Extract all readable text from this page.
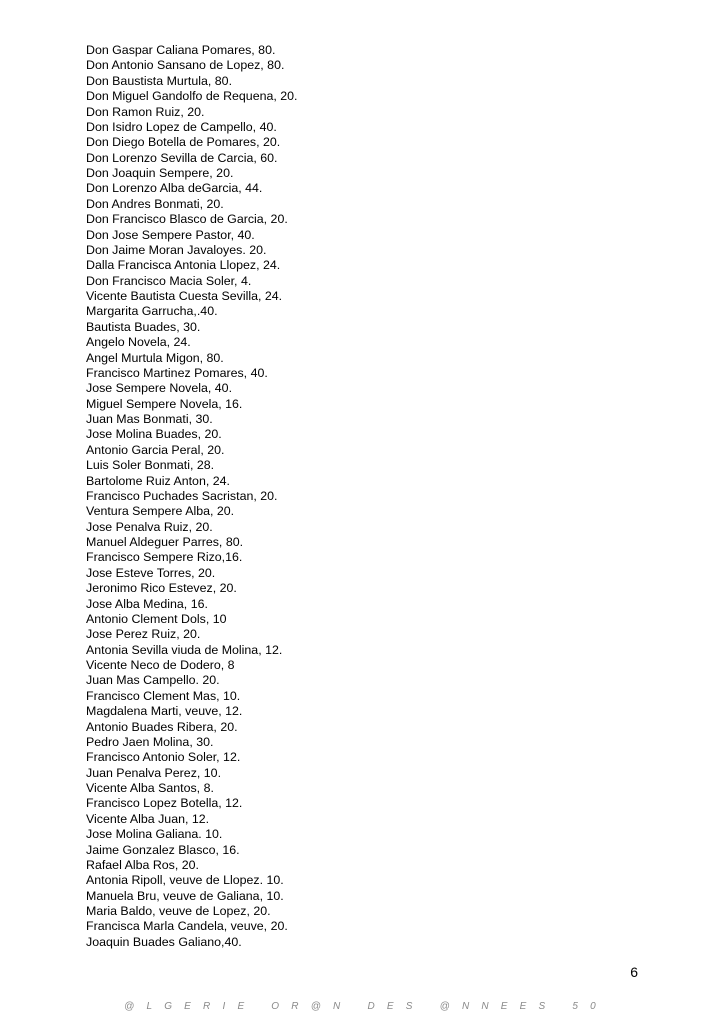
Don Gaspar Caliana Pomares, 80.
Don Antonio Sansano de Lopez, 80.
Don Baustista Murtula, 80.
Don Miguel Gandolfo de Requena, 20.
Don Ramon Ruiz, 20.
Don Isidro Lopez de Campello, 40.
Don Diego Botella de Pomares, 20.
Don Lorenzo Sevilla de Carcia, 60.
Don Joaquin Sempere, 20.
Don Lorenzo Alba deGarcia, 44.
Don Andres Bonmati, 20.
Don Francisco Blasco de Garcia, 20.
Don Jose Sempere Pastor, 40.
Don Jaime Moran Javaloyes. 20.
Dalla Francisca Antonia Llopez, 24.
Don Francisco Macia Soler, 4.
Vicente Bautista Cuesta Sevilla, 24.
Margarita Garrucha,.40.
Bautista Buades, 30.
Angelo Novela, 24.
Angel Murtula Migon, 80.
Francisco Martinez Pomares, 40.
Jose Sempere Novela, 40.
Miguel Sempere Novela, 16.
Juan Mas Bonmati, 30.
Jose Molina Buades, 20.
Antonio Garcia Peral, 20.
Luis Soler Bonmati, 28.
Bartolome Ruiz Anton, 24.
Francisco Puchades Sacristan, 20.
Ventura Sempere Alba, 20.
Jose Penalva Ruiz, 20.
Manuel Aldeguer Parres, 80.
Francisco Sempere Rizo,16.
Jose Esteve Torres, 20.
Jeronimo Rico Estevez, 20.
Jose Alba Medina, 16.
Antonio Clement Dols, 10
Jose Perez Ruiz, 20.
Antonia Sevilla viuda de Molina, 12.
Vicente Neco de Dodero, 8
Juan Mas Campello. 20.
Francisco Clement Mas, 10.
Magdalena Marti, veuve, 12.
Antonio Buades Ribera, 20.
Pedro Jaen Molina, 30.
Francisco Antonio Soler, 12.
Juan Penalva Perez, 10.
Vicente Alba Santos, 8.
Francisco Lopez Botella, 12.
Vicente Alba Juan, 12.
Jose Molina Galiana. 10.
Jaime Gonzalez Blasco, 16.
Rafael Alba Ros, 20.
Antonia Ripoll, veuve de Llopez. 10.
Manuela Bru, veuve de Galiana, 10.
Maria Baldo, veuve de Lopez, 20.
Francisca Marla Candela, veuve, 20.
Joaquin Buades Galiano,40.
6
@LGERIE OR@N DES @NNEES 50
